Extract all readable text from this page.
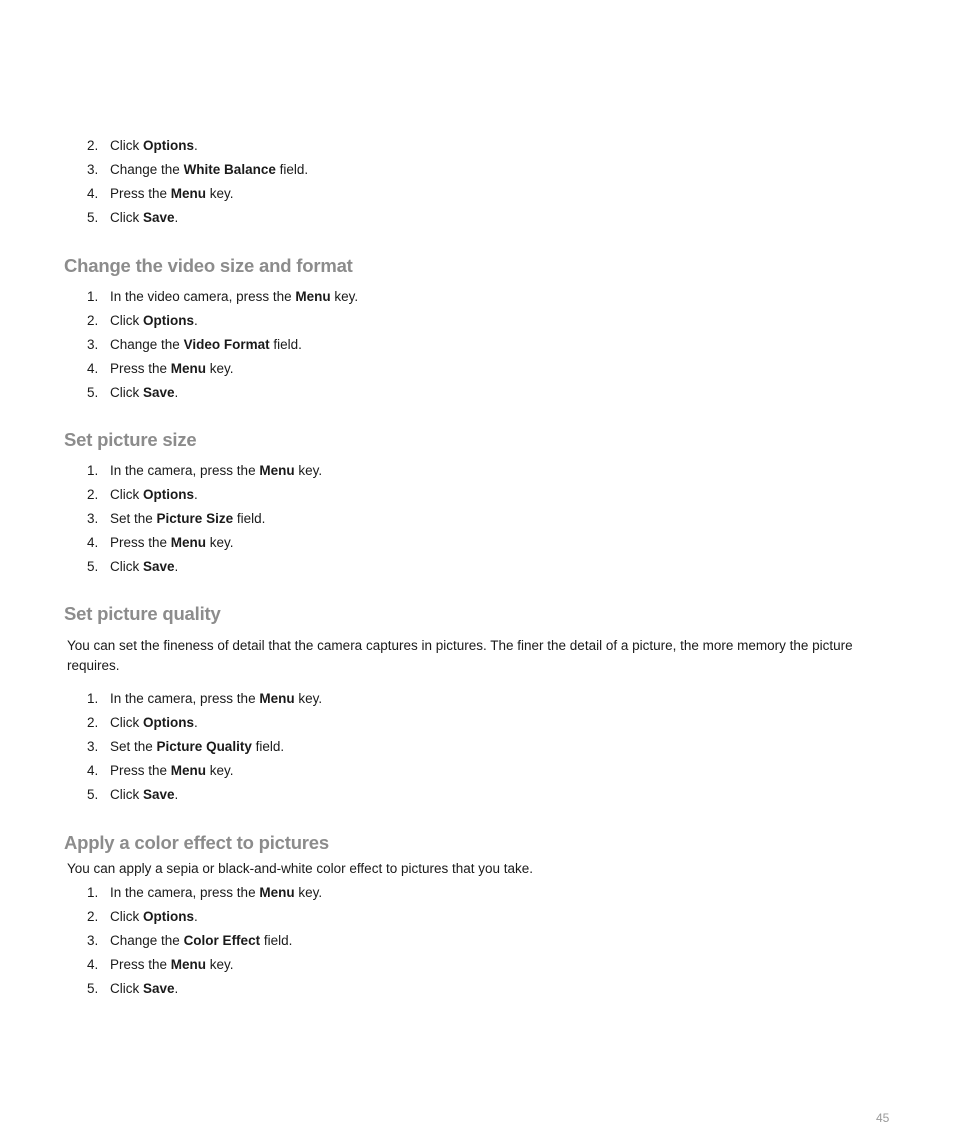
2. Click Options.
3. Change the White Balance field.
4. Press the Menu key.
5. Click Save.
Change the video size and format
1. In the video camera, press the Menu key.
2. Click Options.
3. Change the Video Format field.
4. Press the Menu key.
5. Click Save.
Set picture size
1. In the camera, press the Menu key.
2. Click Options.
3. Set the Picture Size field.
4. Press the Menu key.
5. Click Save.
Set picture quality

You can set the fineness of detail that the camera captures in pictures. The finer the detail of a picture, the more memory the picture requires.

1. In the camera, press the Menu key.
2. Click Options.
3. Set the Picture Quality field.
4. Press the Menu key.
5. Click Save.
Apply a color effect to pictures

You can apply a sepia or black-and-white color effect to pictures that you take.

1. In the camera, press the Menu key.
2. Click Options.
3. Change the Color Effect field.
4. Press the Menu key.
5. Click Save.
45
